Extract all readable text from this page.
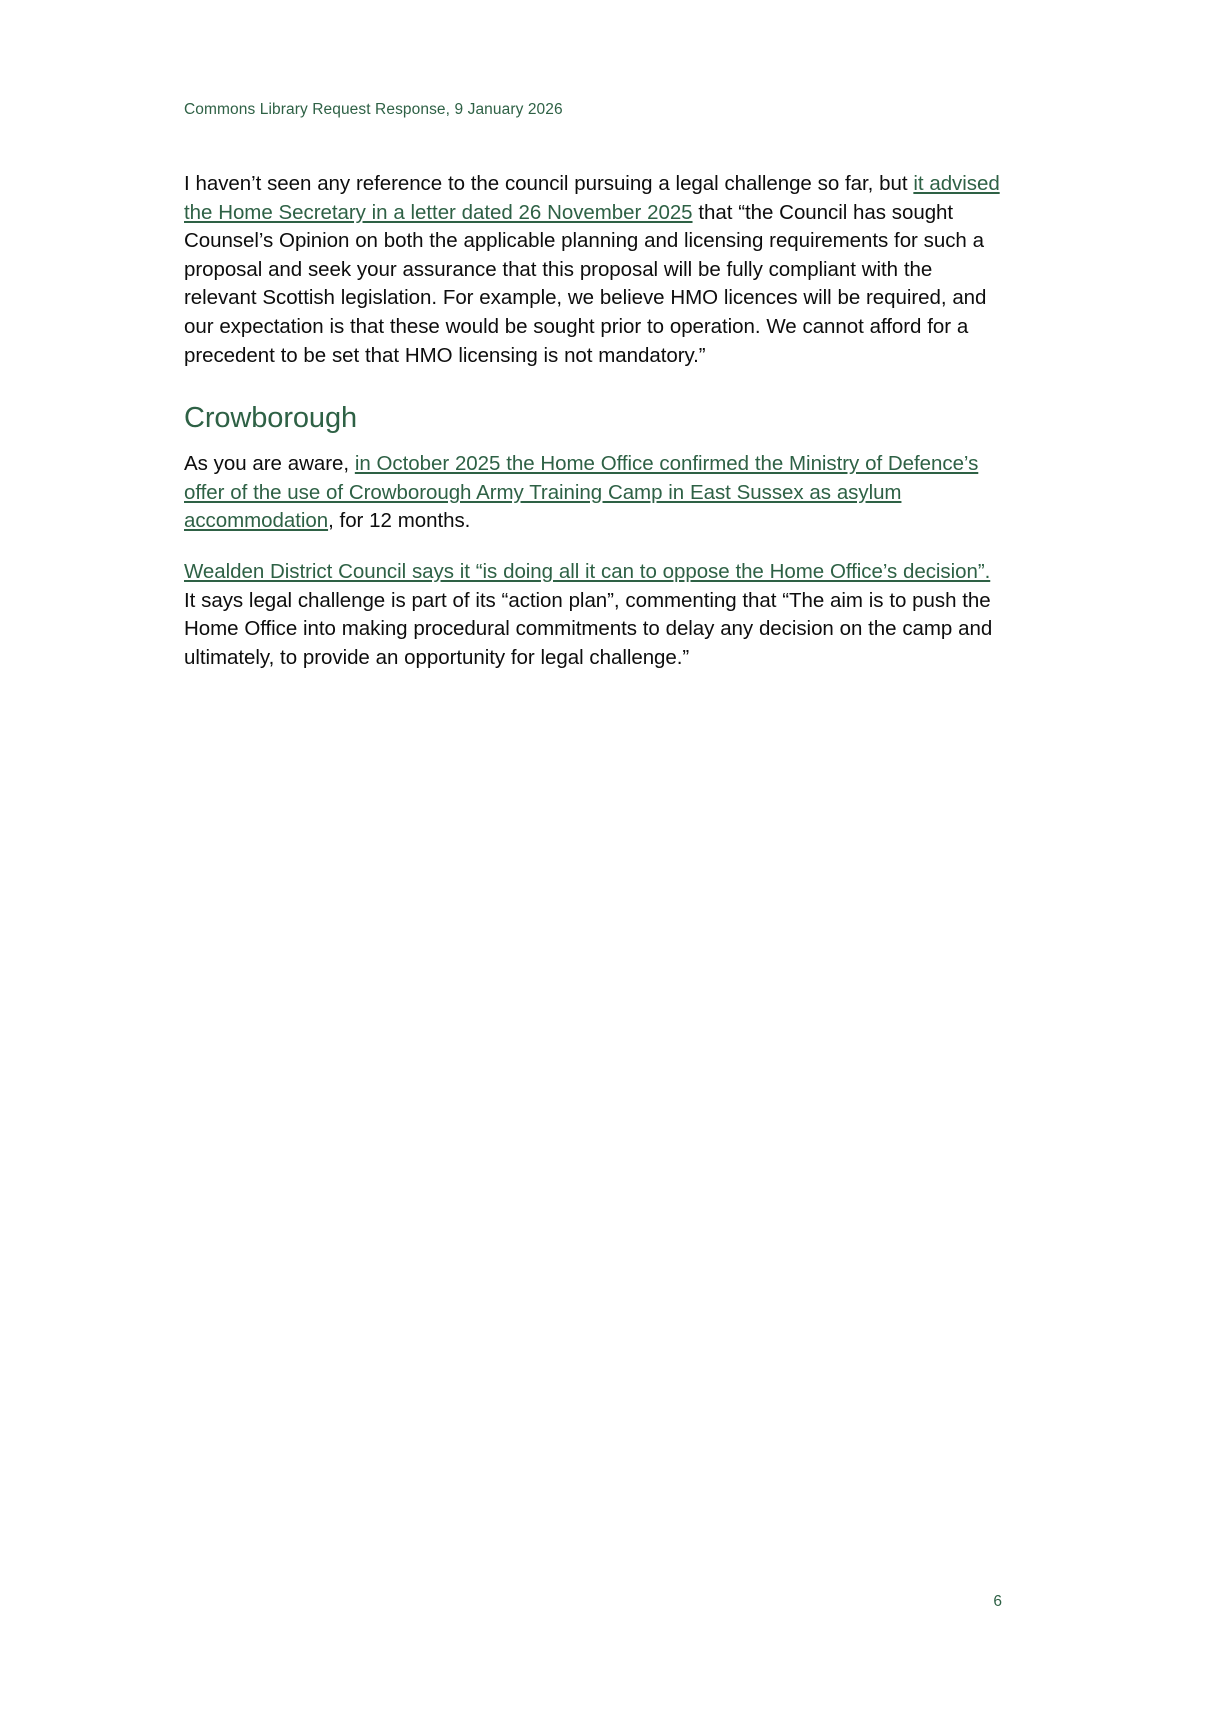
Commons Library Request Response, 9 January 2026

I haven’t seen any reference to the council pursuing a legal challenge so far, but it advised the Home Secretary in a letter dated 26 November 2025 that “the Council has sought Counsel’s Opinion on both the applicable planning and licensing requirements for such a proposal and seek your assurance that this proposal will be fully compliant with the relevant Scottish legislation. For example, we believe HMO licences will be required, and our expectation is that these would be sought prior to operation. We cannot afford for a precedent to be set that HMO licensing is not mandatory.”

Crowborough

As you are aware, in October 2025 the Home Office confirmed the Ministry of Defence’s offer of the use of Crowborough Army Training Camp in East Sussex as asylum accommodation, for 12 months.

Wealden District Council says it “is doing all it can to oppose the Home Office’s decision”. It says legal challenge is part of its “action plan”, commenting that “The aim is to push the Home Office into making procedural commitments to delay any decision on the camp and ultimately, to provide an opportunity for legal challenge.”

6
